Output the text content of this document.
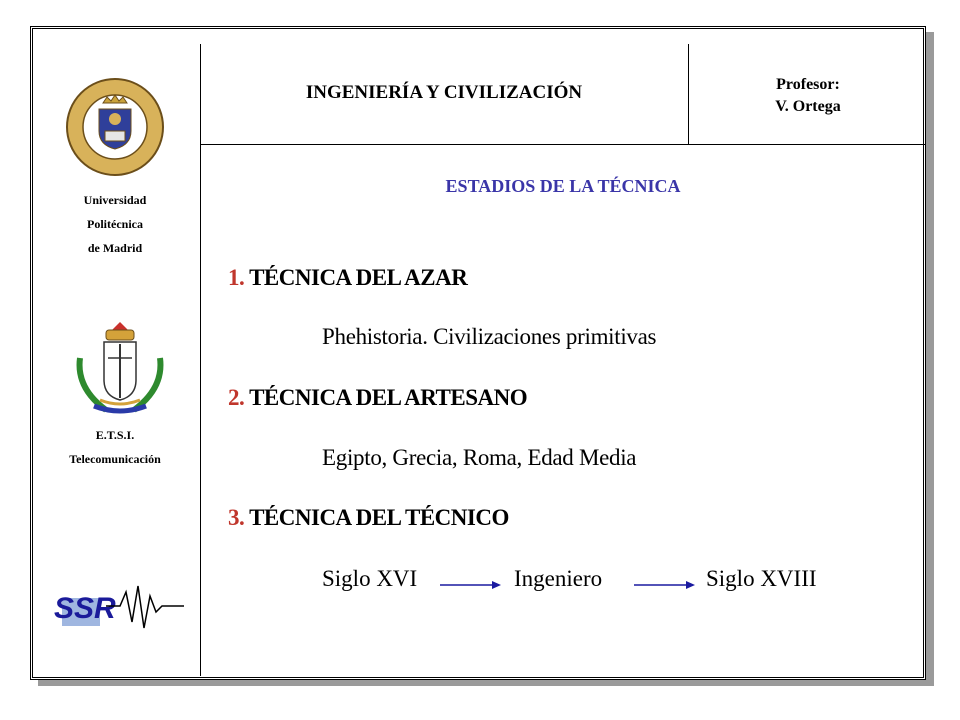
Universidad
Politécnica
de Madrid
E.T.S.I.
Telecomunicación
SSR
INGENIERÍA Y CIVILIZACIÓN	Profesor:
V. Ortega
ESTADIOS DE LA TÉCNICA
1. TÉCNICA DEL AZAR
Phehistoria. Civilizaciones primitivas
2. TÉCNICA DEL ARTESANO
Egipto, Grecia, Roma, Edad Media
3. TÉCNICA DEL TÉCNICO
Siglo XVI	Ingeniero	Siglo XVIII
